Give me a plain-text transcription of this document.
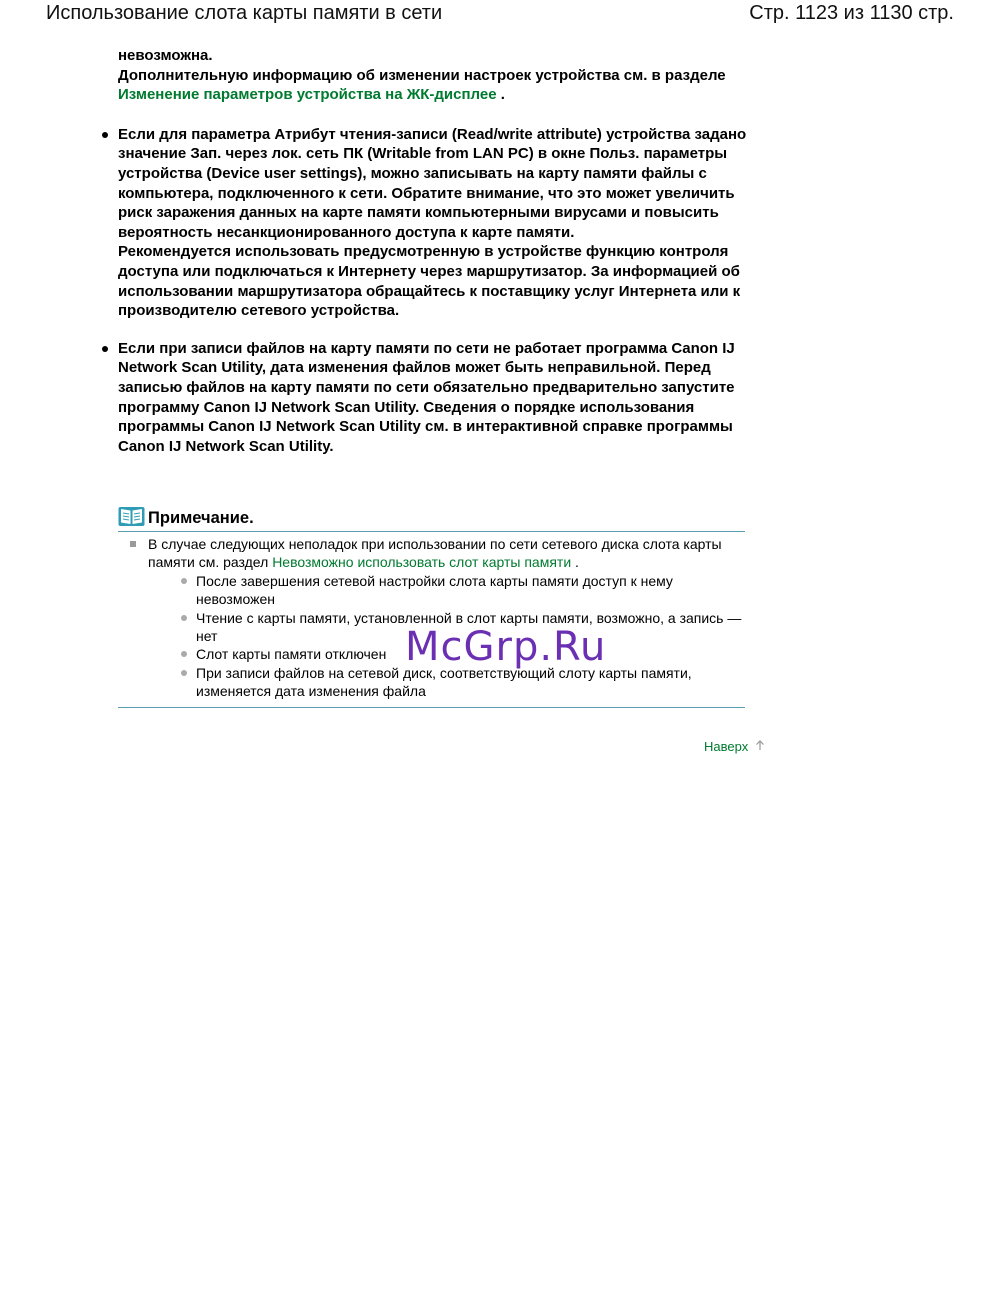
Использование слота карты памяти в сети	Стр. 1123 из 1130 стр.
невозможна.
Дополнительную информацию об изменении настроек устройства см. в разделе Изменение параметров устройства на ЖК-дисплее .
Если для параметра Атрибут чтения-записи (Read/write attribute) устройства задано значение Зап. через лок. сеть ПК (Writable from LAN PC) в окне Польз. параметры устройства (Device user settings), можно записывать на карту памяти файлы с компьютера, подключенного к сети. Обратите внимание, что это может увеличить риск заражения данных на карте памяти компьютерными вирусами и повысить вероятность несанкционированного доступа к карте памяти.
Рекомендуется использовать предусмотренную в устройстве функцию контроля доступа или подключаться к Интернету через маршрутизатор. За информацией об использовании маршрутизатора обращайтесь к поставщику услуг Интернета или к производителю сетевого устройства.
Если при записи файлов на карту памяти по сети не работает программа Canon IJ Network Scan Utility, дата изменения файлов может быть неправильной. Перед записью файлов на карту памяти по сети обязательно предварительно запустите программу Canon IJ Network Scan Utility. Сведения о порядке использования программы Canon IJ Network Scan Utility см. в интерактивной справке программы Canon IJ Network Scan Utility.
Примечание.
В случае следующих неполадок при использовании по сети сетевого диска слота карты памяти см. раздел Невозможно использовать слот карты памяти .
После завершения сетевой настройки слота карты памяти доступ к нему невозможен
Чтение с карты памяти, установленной в слот карты памяти, возможно, а запись — нет
Слот карты памяти отключен
При записи файлов на сетевой диск, соответствующий слоту карты памяти, изменяется дата изменения файла
Наверх
McGrp.Ru
